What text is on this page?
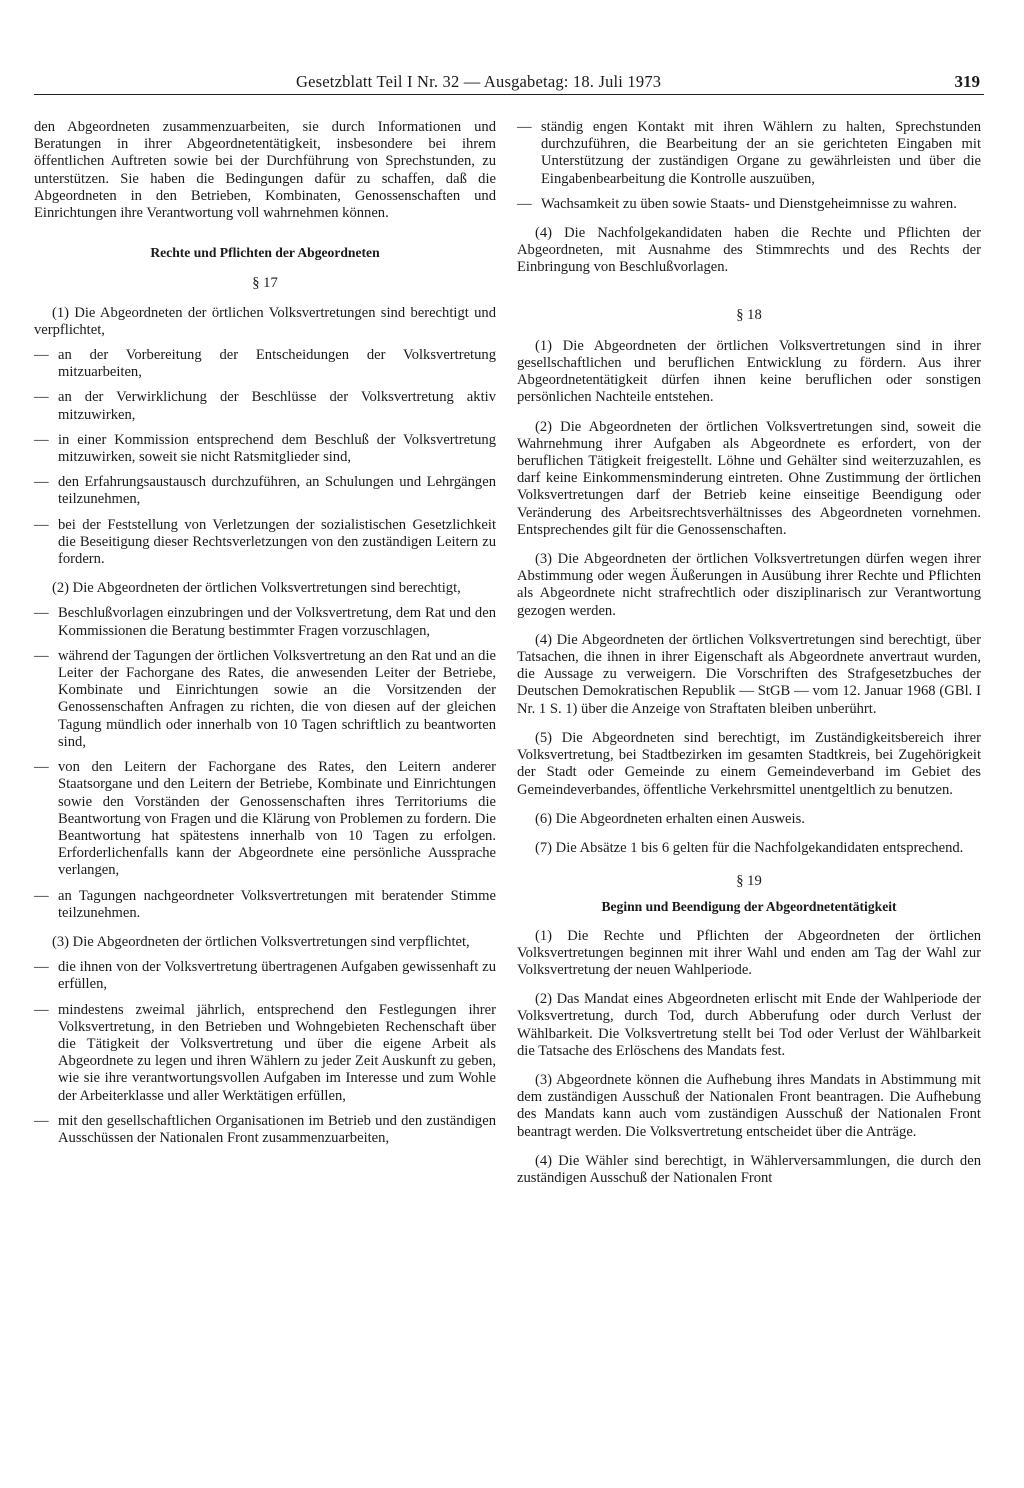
Gesetzblatt Teil I Nr. 32 — Ausgabetag: 18. Juli 1973	319

den Abgeordneten zusammenzuarbeiten, sie durch Informationen und Beratungen in ihrer Abgeordnetentätigkeit, insbesondere bei ihrem öffentlichen Auftreten sowie bei der Durchführung von Sprechstunden, zu unterstützen. Sie haben die Bedingungen dafür zu schaffen, daß die Abgeordneten in den Betrieben, Kombinaten, Genossenschaften und Einrichtungen ihre Verantwortung voll wahrnehmen können.

Rechte und Pflichten der Abgeordneten
§ 17

(1) Die Abgeordneten der örtlichen Volksvertretungen sind berechtigt und verpflichtet,

— an der Vorbereitung der Entscheidungen der Volksvertretung mitzuarbeiten,
— an der Verwirklichung der Beschlüsse der Volksvertretung aktiv mitzuwirken,
— in einer Kommission entsprechend dem Beschluß der Volksvertretung mitzuwirken, soweit sie nicht Ratsmitglieder sind,
— den Erfahrungsaustausch durchzuführen, an Schulungen und Lehrgängen teilzunehmen,
— bei der Feststellung von Verletzungen der sozialistischen Gesetzlichkeit die Beseitigung dieser Rechtsverletzungen von den zuständigen Leitern zu fordern.

(2) Die Abgeordneten der örtlichen Volksvertretungen sind berechtigt,

— Beschlußvorlagen einzubringen und der Volksvertretung, dem Rat und den Kommissionen die Beratung bestimmter Fragen vorzuschlagen,
— während der Tagungen der örtlichen Volksvertretung an den Rat und an die Leiter der Fachorgane des Rates, die anwesenden Leiter der Betriebe, Kombinate und Einrichtungen sowie an die Vorsitzenden der Genossenschaften Anfragen zu richten, die von diesen auf der gleichen Tagung mündlich oder innerhalb von 10 Tagen schriftlich zu beantworten sind,
— von den Leitern der Fachorgane des Rates, den Leitern anderer Staatsorgane und den Leitern der Betriebe, Kombinate und Einrichtungen sowie den Vorständen der Genossenschaften ihres Territoriums die Beantwortung von Fragen und die Klärung von Problemen zu fordern. Die Beantwortung hat spätestens innerhalb von 10 Tagen zu erfolgen. Erforderlichenfalls kann der Abgeordnete eine persönliche Aussprache verlangen,
— an Tagungen nachgeordneter Volksvertretungen mit beratender Stimme teilzunehmen.

(3) Die Abgeordneten der örtlichen Volksvertretungen sind verpflichtet,

— die ihnen von der Volksvertretung übertragenen Aufgaben gewissenhaft zu erfüllen,
— mindestens zweimal jährlich, entsprechend den Festlegungen ihrer Volksvertretung, in den Betrieben und Wohngebieten Rechenschaft über die Tätigkeit der Volksvertretung und über die eigene Arbeit als Abgeordnete zu legen und ihren Wählern zu jeder Zeit Auskunft zu geben, wie sie ihre verantwortungsvollen Aufgaben im Interesse und zum Wohle der Arbeiterklasse und aller Werktätigen erfüllen,
— mit den gesellschaftlichen Organisationen im Betrieb und den zuständigen Ausschüssen der Nationalen Front zusammenzuarbeiten,
— ständig engen Kontakt mit ihren Wählern zu halten, Sprechstunden durchzuführen, die Bearbeitung der an sie gerichteten Eingaben mit Unterstützung der zuständigen Organe zu gewährleisten und über die Eingabenbearbeitung die Kontrolle auszuüben,
— Wachsamkeit zu üben sowie Staats- und Dienstgeheimnisse zu wahren.

(4) Die Nachfolgekandidaten haben die Rechte und Pflichten der Abgeordneten, mit Ausnahme des Stimmrechts und des Rechts der Einbringung von Beschlußvorlagen.

§ 18

(1) Die Abgeordneten der örtlichen Volksvertretungen sind in ihrer gesellschaftlichen und beruflichen Entwicklung zu fördern. Aus ihrer Abgeordnetentätigkeit dürfen ihnen keine beruflichen oder sonstigen persönlichen Nachteile entstehen.

(2) Die Abgeordneten der örtlichen Volksvertretungen sind, soweit die Wahrnehmung ihrer Aufgaben als Abgeordnete es erfordert, von der beruflichen Tätigkeit freigestellt. Löhne und Gehälter sind weiterzuzahlen, es darf keine Einkommensminderung eintreten. Ohne Zustimmung der örtlichen Volksvertretungen darf der Betrieb keine einseitige Beendigung oder Veränderung des Arbeitsrechtsverhältnisses des Abgeordneten vornehmen. Entsprechendes gilt für die Genossenschaften.

(3) Die Abgeordneten der örtlichen Volksvertretungen dürfen wegen ihrer Abstimmung oder wegen Äußerungen in Ausübung ihrer Rechte und Pflichten als Abgeordnete nicht strafrechtlich oder disziplinarisch zur Verantwortung gezogen werden.

(4) Die Abgeordneten der örtlichen Volksvertretungen sind berechtigt, über Tatsachen, die ihnen in ihrer Eigenschaft als Abgeordnete anvertraut wurden, die Aussage zu verweigern. Die Vorschriften des Strafgesetzbuches der Deutschen Demokratischen Republik — StGB — vom 12. Januar 1968 (GBl. I Nr. 1 S. 1) über die Anzeige von Straftaten bleiben unberührt.

(5) Die Abgeordneten sind berechtigt, im Zuständigkeitsbereich ihrer Volksvertretung, bei Stadtbezirken im gesamten Stadtkreis, bei Zugehörigkeit der Stadt oder Gemeinde zu einem Gemeindeverband im Gebiet des Gemeindeverbandes, öffentliche Verkehrsmittel unentgeltlich zu benutzen.

(6) Die Abgeordneten erhalten einen Ausweis.

(7) Die Absätze 1 bis 6 gelten für die Nachfolgekandidaten entsprechend.

§ 19
Beginn und Beendigung der Abgeordnetentätigkeit

(1) Die Rechte und Pflichten der Abgeordneten der örtlichen Volksvertretungen beginnen mit ihrer Wahl und enden am Tag der Wahl zur Volksvertretung der neuen Wahlperiode.

(2) Das Mandat eines Abgeordneten erlischt mit Ende der Wahlperiode der Volksvertretung, durch Tod, durch Abberufung oder durch Verlust der Wählbarkeit. Die Volksvertretung stellt bei Tod oder Verlust der Wählbarkeit die Tatsache des Erlöschens des Mandats fest.

(3) Abgeordnete können die Aufhebung ihres Mandats in Abstimmung mit dem zuständigen Ausschuß der Nationalen Front beantragen. Die Aufhebung des Mandats kann auch vom zuständigen Ausschuß der Nationalen Front beantragt werden. Die Volksvertretung entscheidet über die Anträge.

(4) Die Wähler sind berechtigt, in Wählerversammlungen, die durch den zuständigen Ausschuß der Nationalen Front
